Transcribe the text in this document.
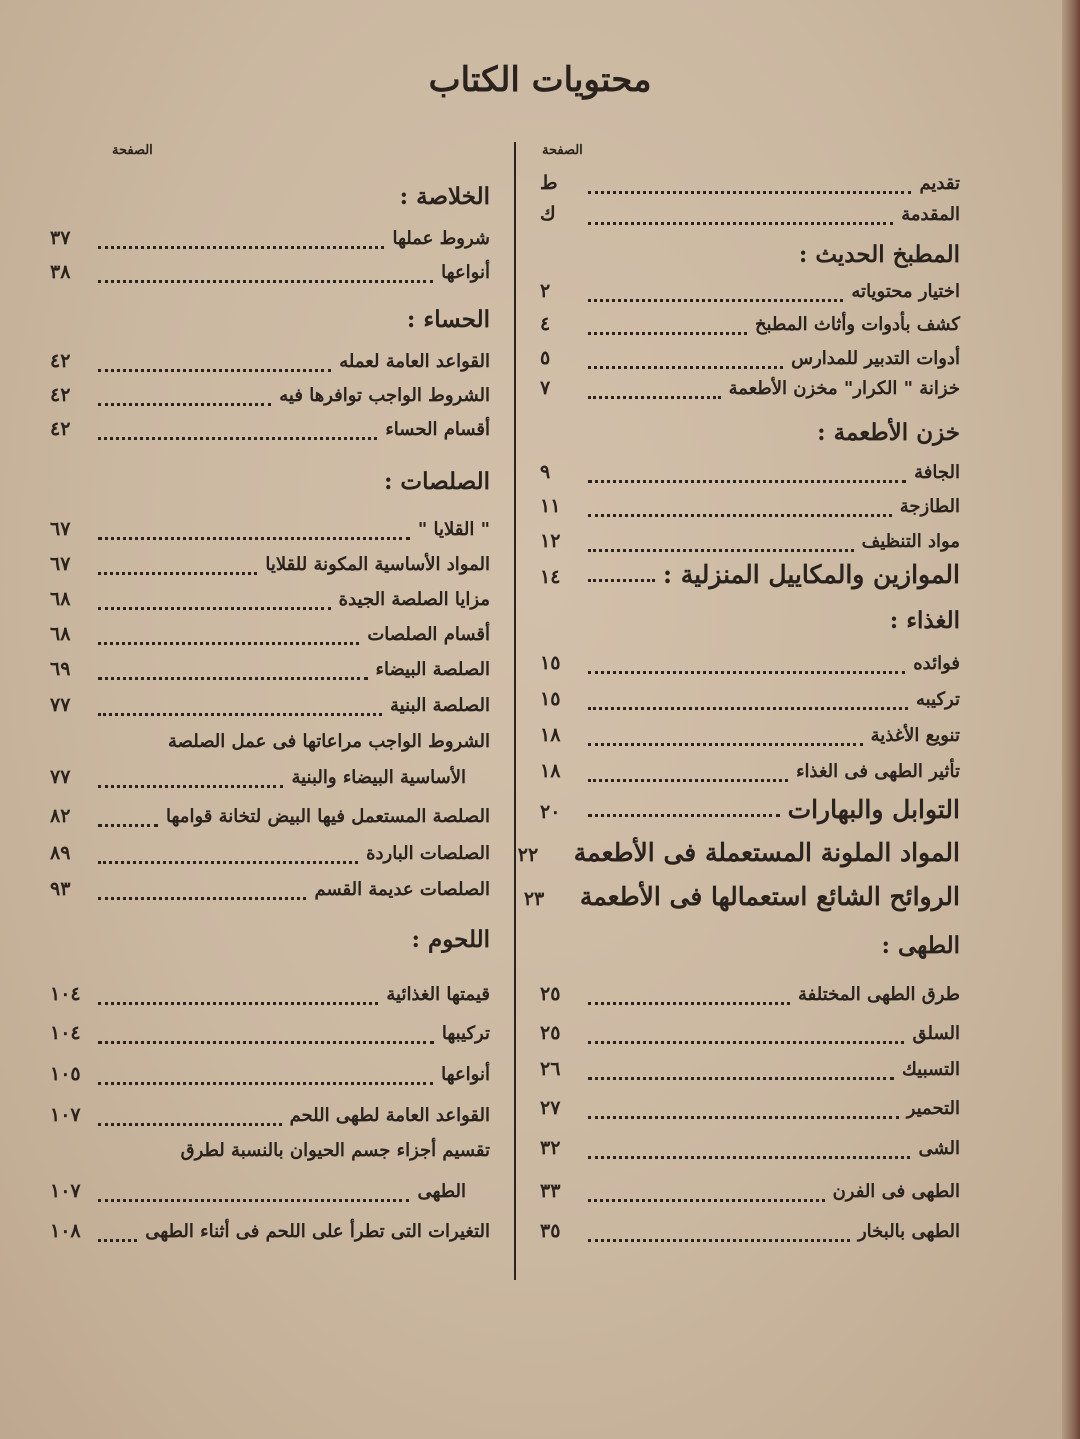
محتويات الكتاب
الصفحة
الصفحة
تقديم
ط
المقدمة
ك
المطبخ الحديث :
اختيار محتوياته
٢
كشف بأدوات وأثاث المطبخ
٤
أدوات التدبير للمدارس
٥
خزانة " الكرار" مخزن الأطعمة
٧
خزن الأطعمة :
الجافة
٩
الطازجة
١١
مواد التنظيف
١٢
الموازين والمكاييل المنزلية :
١٤
الغذاء :
فوائده
١٥
تركيبه
١٥
تنويع الأغذية
١٨
تأثير الطهى فى الغذاء
١٨
التوابل والبهارات
٢٠
المواد الملونة المستعملة فى الأطعمة
٢٢
الروائح الشائع استعمالها فى الأطعمة
٢٣
الطهى :
طرق الطهى المختلفة
٢٥
السلق
٢٥
التسبيك
٢٦
التحمير
٢٧
الشى
٣٢
الطهى فى الفرن
٣٣
الطهى بالبخار
٣٥
الخلاصة :
شروط عملها
٣٧
أنواعها
٣٨
الحساء :
القواعد العامة لعمله
٤٢
الشروط الواجب توافرها فيه
٤٢
أقسام الحساء
٤٢
الصلصات :
" القلايا "
٦٧
المواد الأساسية المكونة للقلايا
٦٧
مزايا الصلصة الجيدة
٦٨
أقسام الصلصات
٦٨
الصلصة البيضاء
٦٩
الصلصة البنية
٧٧
الشروط الواجب مراعاتها فى عمل الصلصة
الأساسية البيضاء والبنية
٧٧
الصلصة المستعمل فيها البيض لتخانة قوامها
٨٢
الصلصات الباردة
٨٩
الصلصات عديمة القسم
٩٣
اللحوم :
قيمتها الغذائية
١٠٤
تركيبها
١٠٤
أنواعها
١٠٥
القواعد العامة لطهى اللحم
١٠٧
تقسيم أجزاء جسم الحيوان بالنسبة لطرق
الطهى
١٠٧
التغيرات التى تطرأ على اللحم فى أثناء الطهى
١٠٨
